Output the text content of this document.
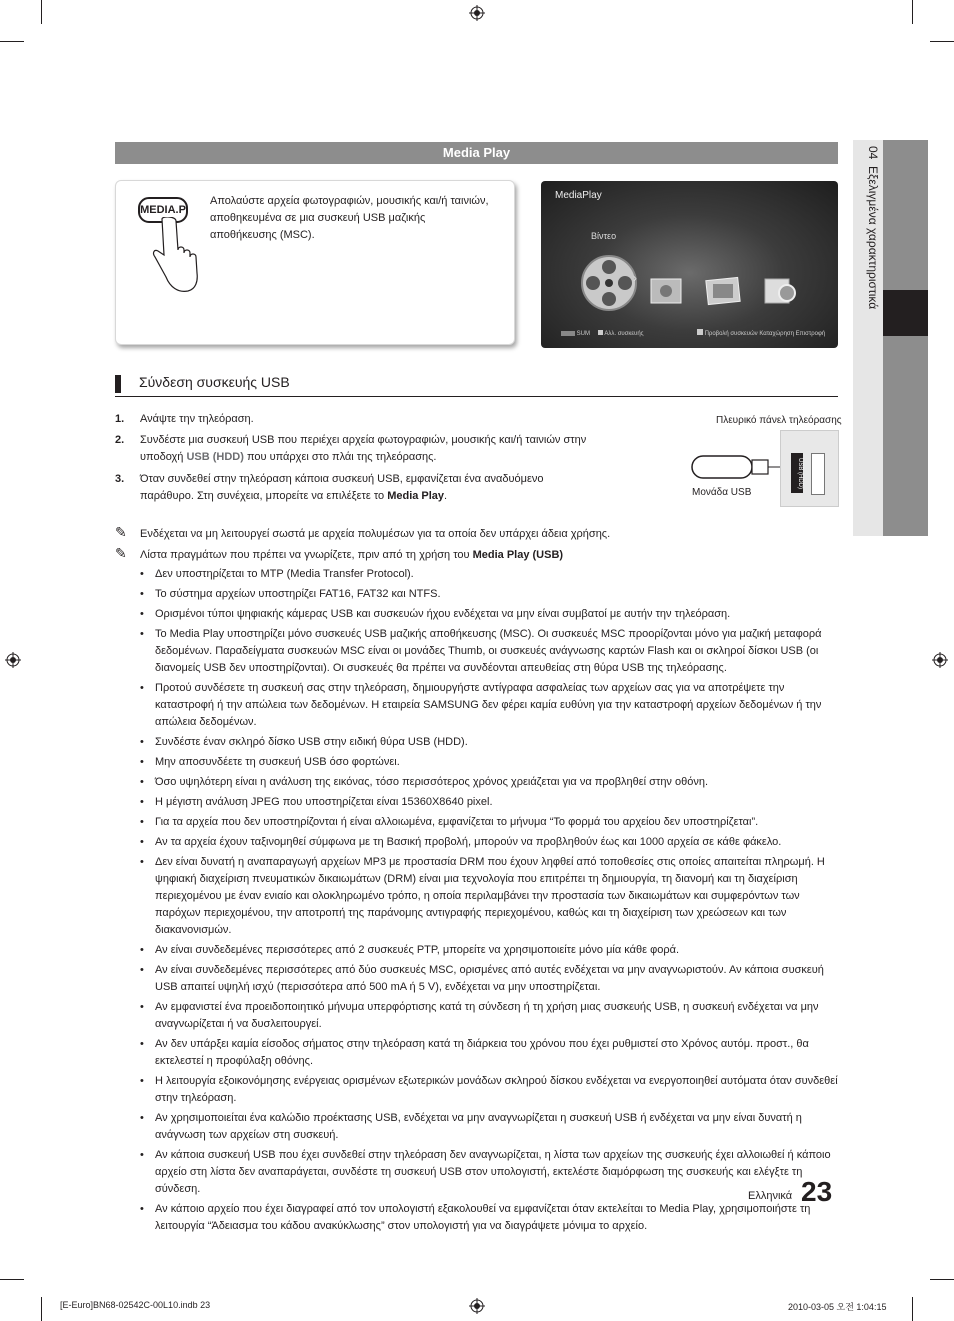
04  Εξελιγμένα χαρακτηριστικά
Media Play
MEDIA.P
Απολαύστε αρχεία φωτογραφιών, μουσικής και/ή ταινιών, αποθηκευμένα σε μια συσκευή USB μαζικής αποθήκευσης (MSC).
MediaPlay
Βίντεο
›
SUM Αλλ. συσκευής	Προβολή συσκευών Καταχώρηση Επιστροφή
Σύνδεση συσκευής USB
1.	Ανάψτε την τηλεόραση.
2.	Συνδέστε μια συσκευή USB που περιέχει αρχεία φωτογραφιών, μουσικής και/ή ταινιών στην υποδοχή USB (HDD) που υπάρχει στο πλάι της τηλεόρασης.
3.	Όταν συνδεθεί στην τηλεόραση κάποια συσκευή USB, εμφανίζεται ένα αναδυόμενο παράθυρο. Στη συνέχεια, μπορείτε να επιλέξετε το Media Play.
Πλευρικό πάνελ τηλεόρασης
USB (HDD)
Μονάδα USB
✎ Ενδέχεται να μη λειτουργεί σωστά με αρχεία πολυμέσων για τα οποία δεν υπάρχει άδεια χρήσης.
✎ Λίστα πραγμάτων που πρέπει να γνωρίζετε, πριν από τη χρήση του Media Play (USB)
• Δεν υποστηρίζεται το MTP (Media Transfer Protocol).
• Το σύστημα αρχείων υποστηρίζει FAT16, FAT32 και NTFS.
• Ορισμένοι τύποι ψηφιακής κάμερας USB και συσκευών ήχου ενδέχεται να μην είναι συμβατοί με αυτήν την τηλεόραση.
• Το Media Play υποστηρίζει μόνο συσκευές USB μαζικής αποθήκευσης (MSC). Οι συσκευές MSC προορίζονται μόνο για μαζική μεταφορά δεδομένων. Παραδείγματα συσκευών MSC είναι οι μονάδες Thumb, οι συσκευές ανάγνωσης καρτών Flash και οι σκληροί δίσκοι USB (οι διανομείς USB δεν υποστηρίζονται). Οι συσκευές θα πρέπει να συνδέονται απευθείας στη θύρα USB της τηλεόρασης.
• Προτού συνδέσετε τη συσκευή σας στην τηλεόραση, δημιουργήστε αντίγραφα ασφαλείας των αρχείων σας για να αποτρέψετε την καταστροφή ή την απώλεια των δεδομένων. Η εταιρεία SAMSUNG δεν φέρει καμία ευθύνη για την καταστροφή αρχείων δεδομένων ή την απώλεια δεδομένων.
• Συνδέστε έναν σκληρό δίσκο USB στην ειδική θύρα USB (HDD).
• Μην αποσυνδέετε τη συσκευή USB όσο φορτώνει.
• Όσο υψηλότερη είναι η ανάλυση της εικόνας, τόσο περισσότερος χρόνος χρειάζεται για να προβληθεί στην οθόνη.
• Η μέγιστη ανάλυση JPEG που υποστηρίζεται είναι 15360X8640 pixel.
• Για τα αρχεία που δεν υποστηρίζονται ή είναι αλλοιωμένα, εμφανίζεται το μήνυμα “Το φορμά του αρχείου δεν υποστηρίζεται”.
• Αν τα αρχεία έχουν ταξινομηθεί σύμφωνα με τη Βασική προβολή, μπορούν να προβληθούν έως και 1000 αρχεία σε κάθε φάκελο.
• Δεν είναι δυνατή η αναπαραγωγή αρχείων MP3 με προστασία DRM που έχουν ληφθεί από τοποθεσίες στις οποίες απαιτείται πληρωμή. Η ψηφιακή διαχείριση πνευματικών δικαιωμάτων (DRM) είναι μια τεχνολογία που επιτρέπει τη δημιουργία, τη διανομή και τη διαχείριση περιεχομένου με έναν ενιαίο και ολοκληρωμένο τρόπο, η οποία περιλαμβάνει την προστασία των δικαιωμάτων και συμφερόντων των παρόχων περιεχομένου, την αποτροπή της παράνομης αντιγραφής περιεχομένου, καθώς και τη διαχείριση των χρεώσεων και των διακανονισμών.
• Αν είναι συνδεδεμένες περισσότερες από 2 συσκευές PTP, μπορείτε να χρησιμοποιείτε μόνο μία κάθε φορά.
• Αν είναι συνδεδεμένες περισσότερες από δύο συσκευές MSC, ορισμένες από αυτές ενδέχεται να μην αναγνωριστούν. Αν κάποια συσκευή USB απαιτεί υψηλή ισχύ (περισσότερα από 500 mA ή 5 V), ενδέχεται να μην υποστηρίζεται.
• Αν εμφανιστεί ένα προειδοποιητικό μήνυμα υπερφόρτισης κατά τη σύνδεση ή τη χρήση μιας συσκευής USB, η συσκευή ενδέχεται να μην αναγνωρίζεται ή να δυσλειτουργεί.
• Αν δεν υπάρξει καμία είσοδος σήματος στην τηλεόραση κατά τη διάρκεια του χρόνου που έχει ρυθμιστεί στο Χρόνος αυτόμ. προστ., θα εκτελεστεί η προφύλαξη οθόνης.
• Η λειτουργία εξοικονόμησης ενέργειας ορισμένων εξωτερικών μονάδων σκληρού δίσκου ενδέχεται να ενεργοποιηθεί αυτόματα όταν συνδεθεί στην τηλεόραση.
• Αν χρησιμοποιείται ένα καλώδιο προέκτασης USB, ενδέχεται να μην αναγνωρίζεται η συσκευή USB ή ενδέχεται να μην είναι δυνατή η ανάγνωση των αρχείων στη συσκευή.
• Αν κάποια συσκευή USB που έχει συνδεθεί στην τηλεόραση δεν αναγνωρίζεται, η λίστα των αρχείων της συσκευής έχει αλλοιωθεί ή κάποιο αρχείο στη λίστα δεν αναπαράγεται, συνδέστε τη συσκευή USB στον υπολογιστή, εκτελέστε διαμόρφωση της συσκευής και ελέγξτε τη σύνδεση.
• Αν κάποιο αρχείο που έχει διαγραφεί από τον υπολογιστή εξακολουθεί να εμφανίζεται όταν εκτελείται το Media Play, χρησιμοποιήστε τη λειτουργία “Άδειασμα του κάδου ανακύκλωσης” στον υπολογιστή για να διαγράψετε μόνιμα το αρχείο.
Ελληνικά 23
[E-Euro]BN68-02542C-00L10.indb 23	2010-03-05 오전 1:04:15
